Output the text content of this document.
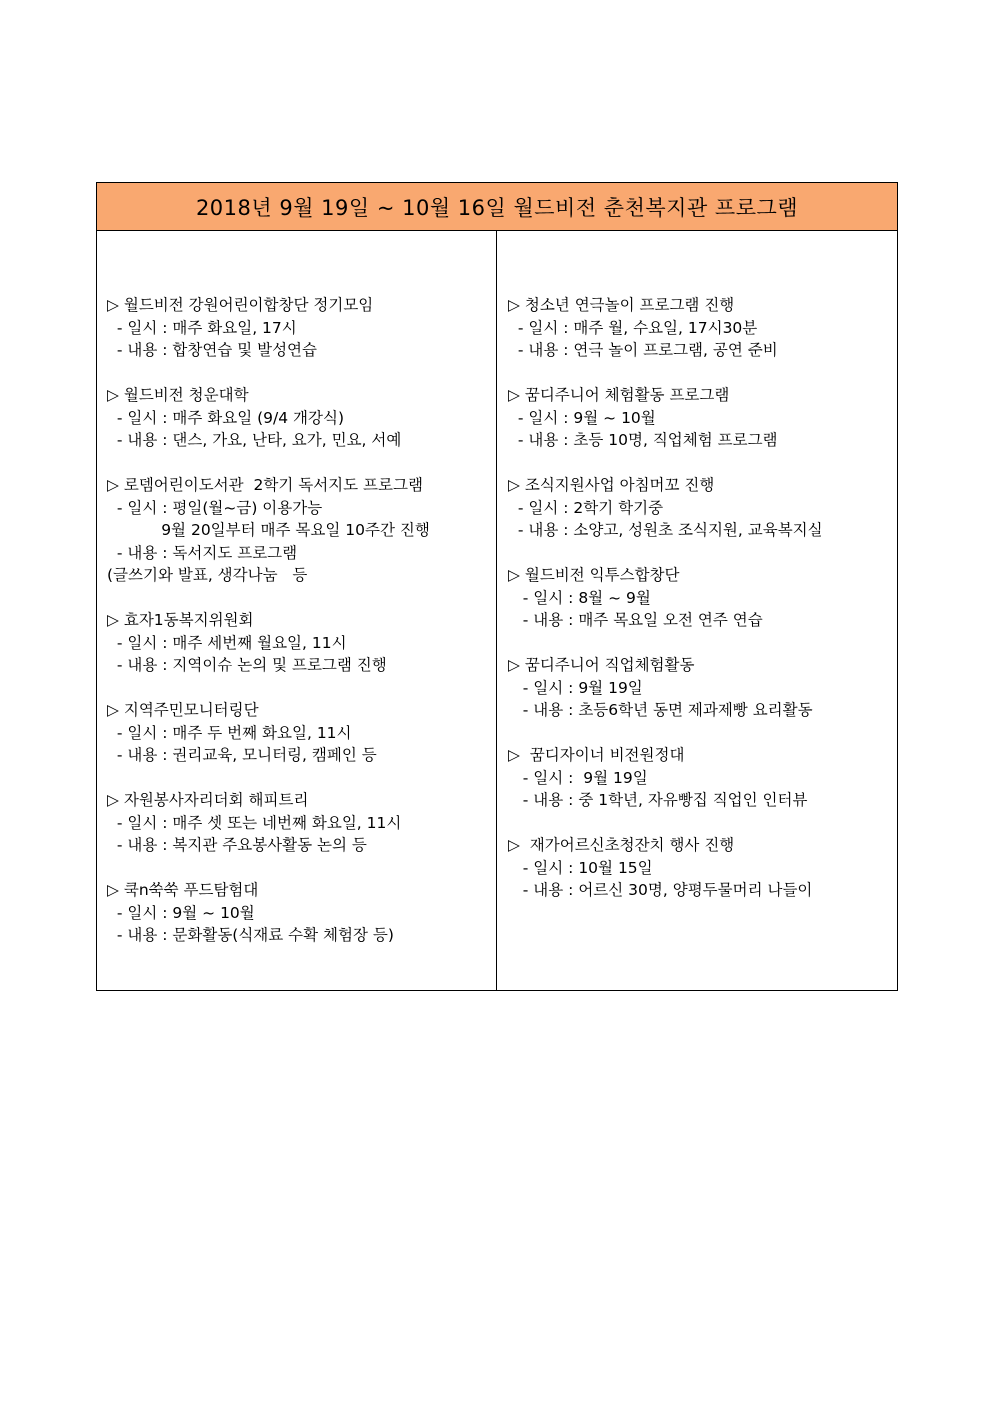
2018년 9월 19일 ~ 10월 16일 월드비전 춘천복지관 프로그램
▷ 월드비전 강원어린이합창단 정기모임
- 일시 : 매주 화요일, 17시
- 내용 : 합창연습 및 발성연습
▷ 월드비전 청운대학
- 일시 : 매주 화요일 (9/4 개강식)
- 내용 : 댄스, 가요, 난타, 요가, 민요, 서예
▷ 로뎀어린이도서관  2학기 독서지도 프로그램
- 일시 : 평일(월~금) 이용가능
9월 20일부터 매주 목요일 10주간 진행
- 내용 : 독서지도 프로그램
(글쓰기와 발표, 생각나눔   등
▷ 효자1동복지위원회
- 일시 : 매주 세번째 월요일, 11시
- 내용 : 지역이슈 논의 및 프로그램 진행
▷ 지역주민모니터링단
- 일시 : 매주 두 번째 화요일, 11시
- 내용 : 권리교육, 모니터링, 캠페인 등
▷ 자원봉사자리더회 해피트리
- 일시 : 매주 셋 또는 네번째 화요일, 11시
- 내용 : 복지관 주요봉사활동 논의 등
▷ 쿡n쑥쑥 푸드탐험대
- 일시 : 9월 ~ 10월
- 내용 : 문화활동(식재료 수확 체험장 등)
▷ 청소년 연극놀이 프로그램 진행
- 일시 : 매주 월, 수요일, 17시30분
- 내용 : 연극 놀이 프로그램, 공연 준비
▷ 꿈디주니어 체험활동 프로그램
- 일시 : 9월 ~ 10월
- 내용 : 초등 10명, 직업체험 프로그램
▷ 조식지원사업 아침머꼬 진행
- 일시 : 2학기 학기중
- 내용 : 소양고, 성원초 조식지원, 교육복지실
▷ 월드비전 익투스합창단
- 일시 : 8월 ~ 9월
- 내용 : 매주 목요일 오전 연주 연습
▷ 꿈디주니어 직업체험활동
- 일시 : 9월 19일
- 내용 : 초등6학년 동면 제과제빵 요리활동
▷  꿈디자이너 비전원정대
- 일시 :  9월 19일
- 내용 : 중 1학년, 자유빵집 직업인 인터뷰
▷  재가어르신초청잔치 행사 진행
- 일시 : 10월 15일
- 내용 : 어르신 30명, 양평두물머리 나들이
